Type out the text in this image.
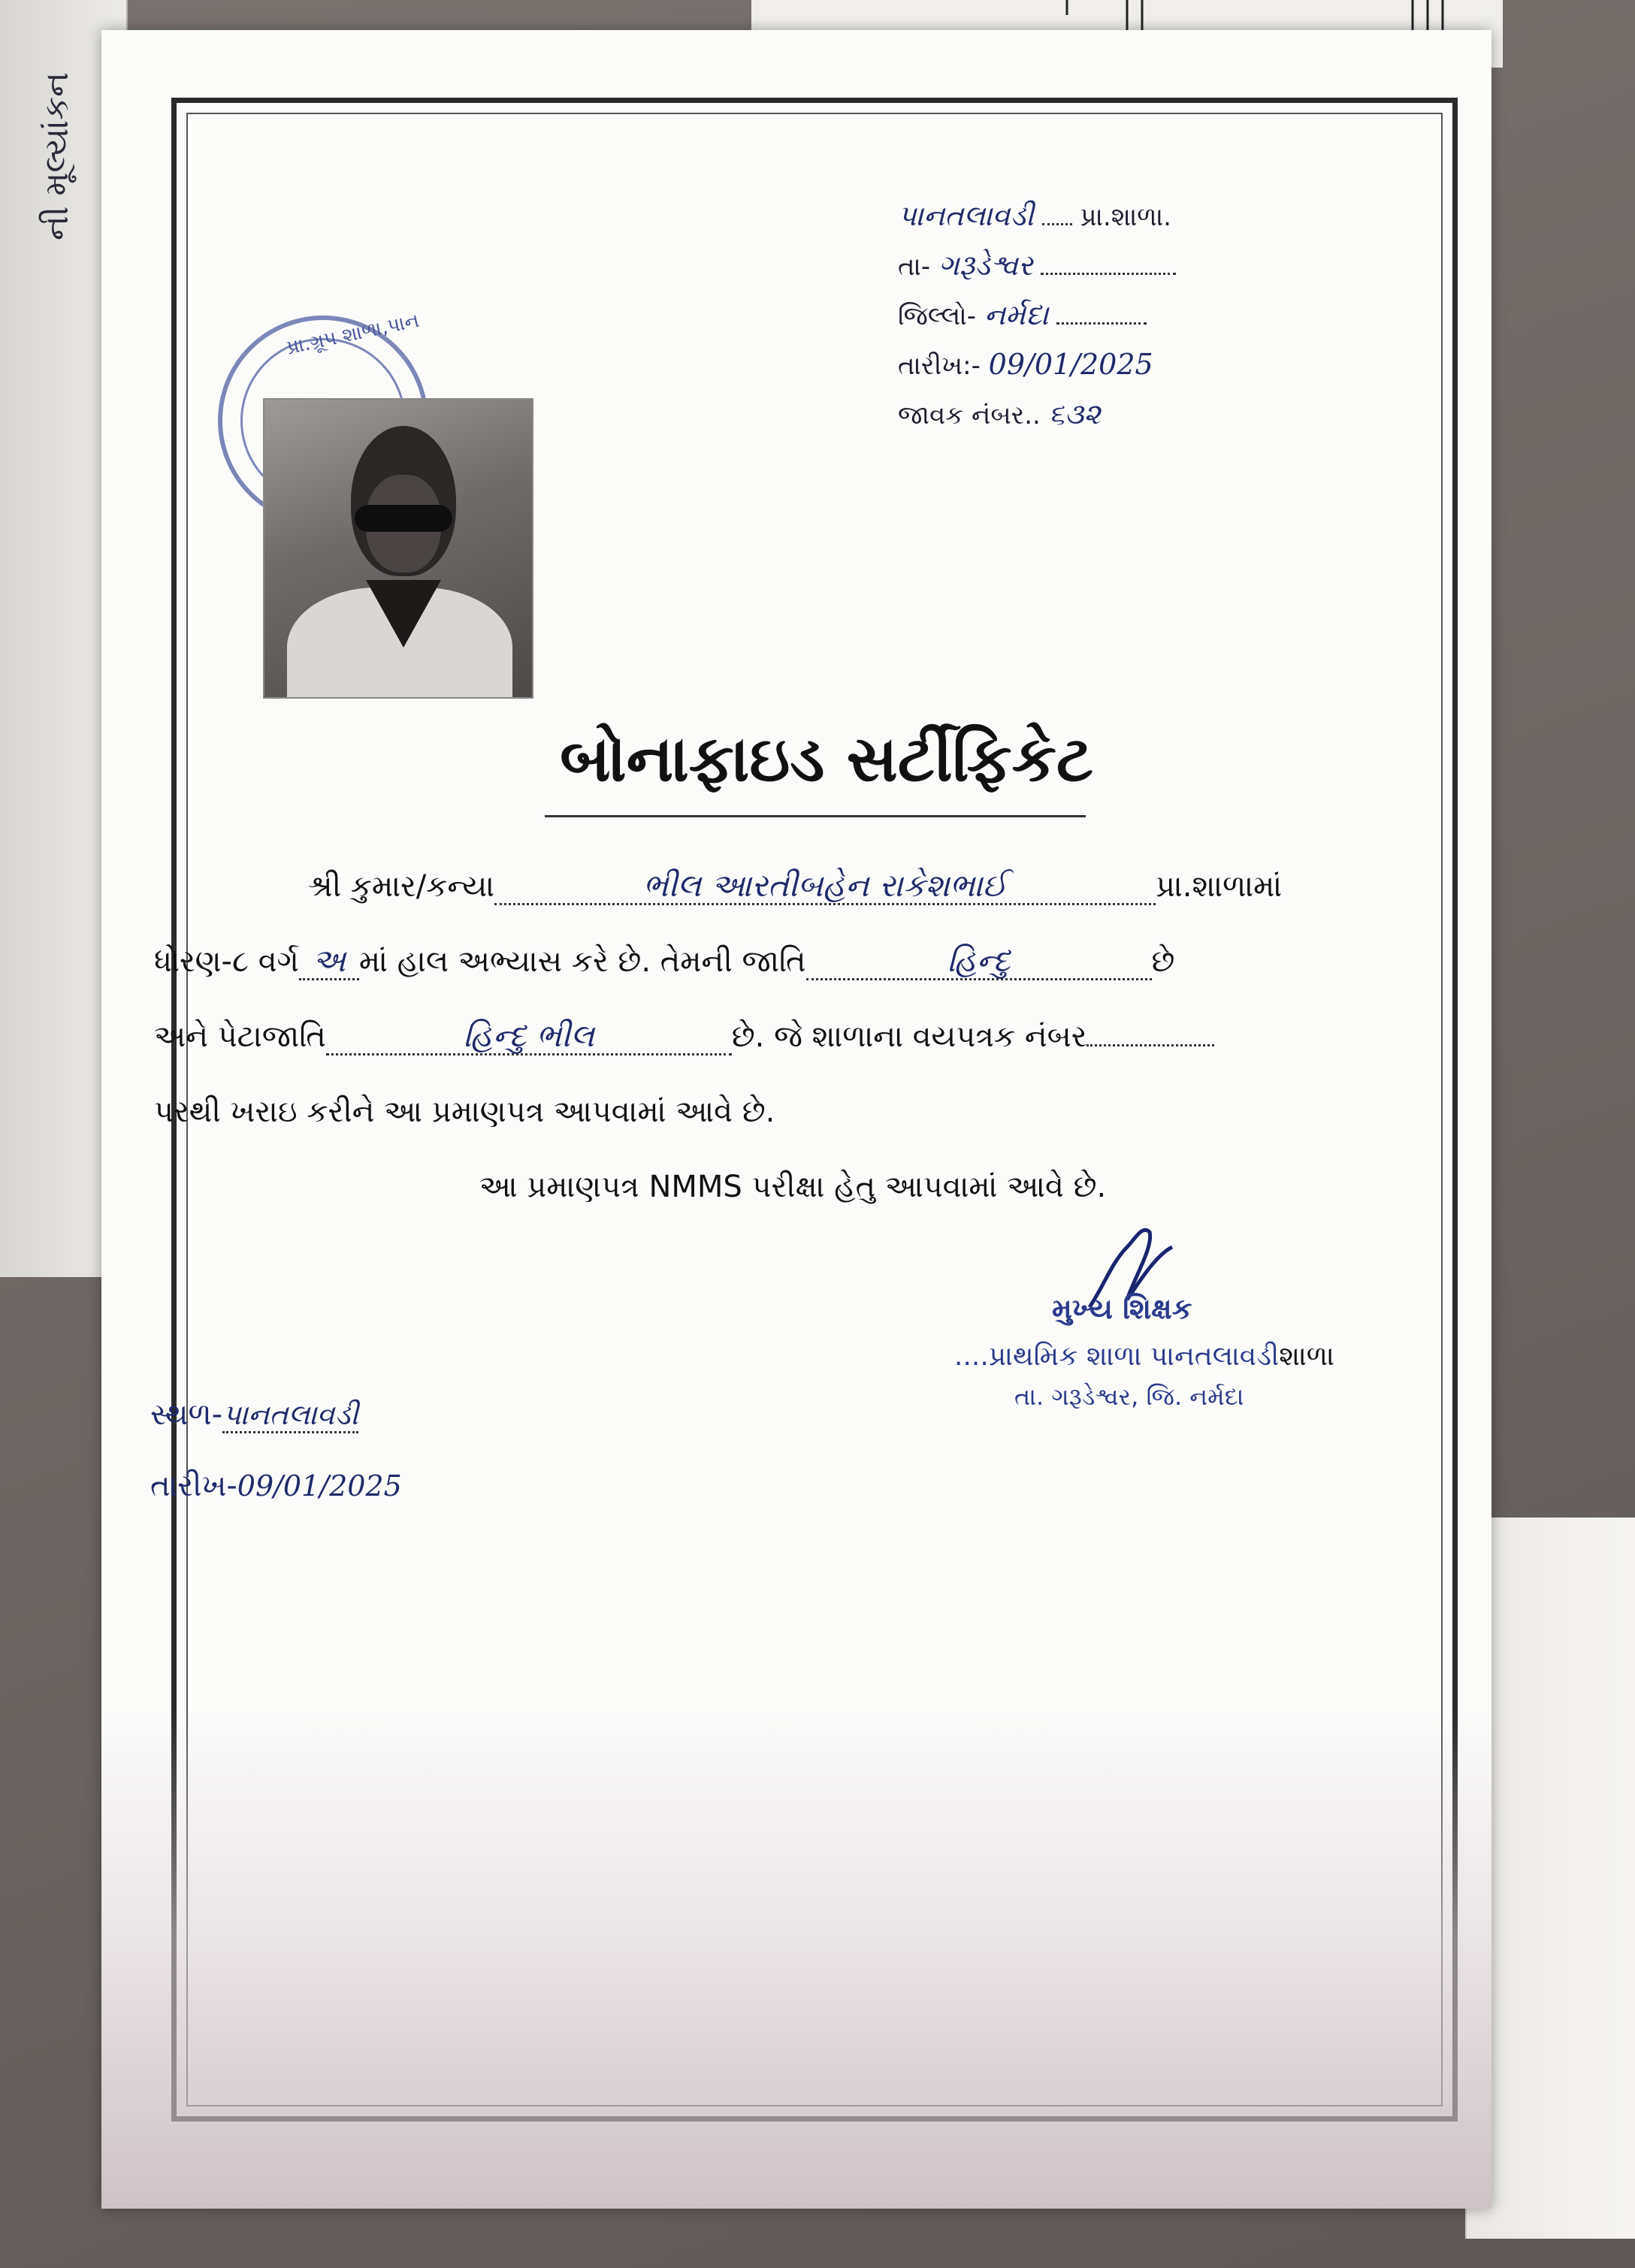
ની મૂલ્યાંકન	પાનતલાવડી પ્રા.શાળા.
તા- ગરૂડેશ્વર
જિલ્લો- નર્મદા
તારીખ:- 09/01/2025
જાવક નંબર.. ૬૩૨
પ્રા.ગ્રૂપ શાળા,પાન
બોનાફાઇડ સર્ટીફિકેટ
શ્રી કુમાર/કન્યા	ભીલ આરતીબહેન રાકેશભાઈ	પ્રા.શાળામાં
ધોરણ-૮ વર્ગ અ માં હાલ અભ્યાસ કરે છે. તેમની જાતિ	હિન્દુ	છે
અને પેટાજાતિ	હિન્દુ ભીલ	છે. જે શાળાના વયપત્રક નંબર
પરથી ખરાઇ કરીને આ પ્રમાણપત્ર આપવામાં આવે છે.
આ પ્રમાણપત્ર NMMS પરીક્ષા હેતુ આપવામાં આવે છે.
મુખ્ય શિક્ષક
....પ્રાથમિક શાળા પાનતલાવડીશાળા
તા. ગરૂડેશ્વર, જિ. નર્મદા
સ્થળ-પાનતલાવડી
તારીખ-09/01/2025
